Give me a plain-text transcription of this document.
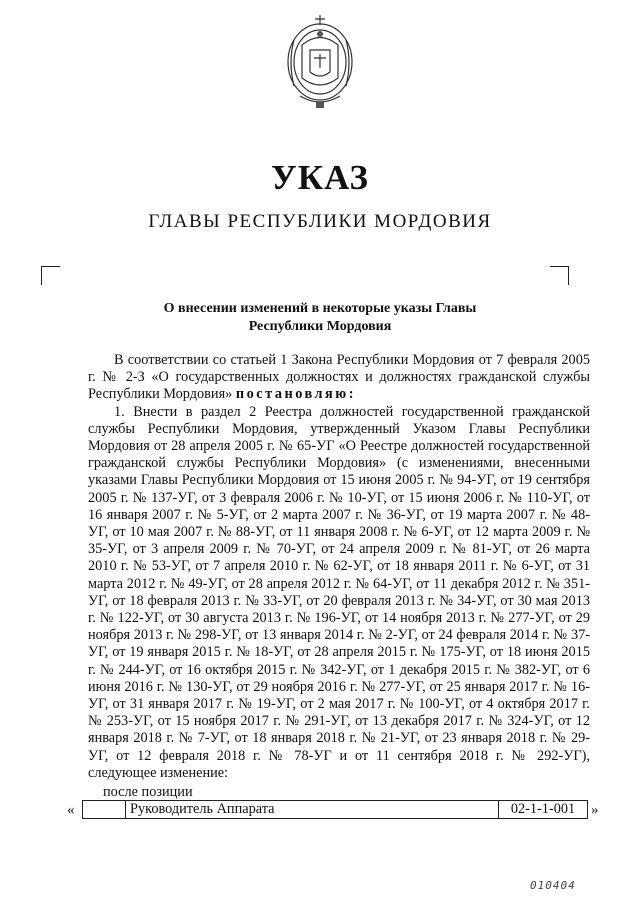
УКАЗ
ГЛАВЫ РЕСПУБЛИКИ МОРДОВИЯ
О внесении изменений в некоторые указы Главы
Республики Мордовия

В соответствии со статьей 1 Закона Республики Мордовия от 7 февраля 2005 г. № 2-З «О государственных должностях и должностях гражданской службы Республики Мордовия» постановляю:

1. Внести в раздел 2 Реестра должностей государственной гражданской службы Республики Мордовия, утвержденный Указом Главы Республики Мордовия от 28 апреля 2005 г. № 65-УГ «О Реестре должностей государственной гражданской службы Республики Мордовия» (с изменениями, внесенными указами Главы Республики Мордовия от 15 июня 2005 г. № 94-УГ, от 19 сентября 2005 г. № 137-УГ, от 3 февраля 2006 г. № 10-УГ, от 15 июня 2006 г. № 110-УГ, от 16 января 2007 г. № 5-УГ, от 2 марта 2007 г. № 36-УГ, от 19 марта 2007 г. № 48-УГ, от 10 мая 2007 г. № 88-УГ, от 11 января 2008 г. № 6-УГ, от 12 марта 2009 г. № 35-УГ, от 3 апреля 2009 г. № 70-УГ, от 24 апреля 2009 г. № 81-УГ, от 26 марта 2010 г. № 53-УГ, от 7 апреля 2010 г. № 62-УГ, от 18 января 2011 г. № 6-УГ, от 31 марта 2012 г. № 49-УГ, от 28 апреля 2012 г. № 64-УГ, от 11 декабря 2012 г. № 351-УГ, от 18 февраля 2013 г. № 33-УГ, от 20 февраля 2013 г. № 34-УГ, от 30 мая 2013 г. № 122-УГ, от 30 августа 2013 г. № 196-УГ, от 14 ноября 2013 г. № 277-УГ, от 29 ноября 2013 г. № 298-УГ, от 13 января 2014 г. № 2-УГ, от 24 февраля 2014 г. № 37-УГ, от 19 января 2015 г. № 18-УГ, от 28 апреля 2015 г. № 175-УГ, от 18 июня 2015 г. № 244-УГ, от 16 октября 2015 г. № 342-УГ, от 1 декабря 2015 г. № 382-УГ, от 6 июня 2016 г. № 130-УГ, от 29 ноября 2016 г. № 277-УГ, от 25 января 2017 г. № 16-УГ, от 31 января 2017 г. № 19-УГ, от 2 мая 2017 г. № 100-УГ, от 4 октября 2017 г. № 253-УГ, от 15 ноября 2017 г. № 291-УГ, от 13 декабря 2017 г. № 324-УГ, от 12 января 2018 г. № 7-УГ, от 18 января 2018 г. № 21-УГ, от 23 января 2018 г. № 29-УГ, от 12 февраля 2018 г. № 78-УГ и от 11 сентября 2018 г. № 292-УГ), следующее изменение:

после позиции
«
		Руководитель Аппарата	02-1-1-001 »
010404
